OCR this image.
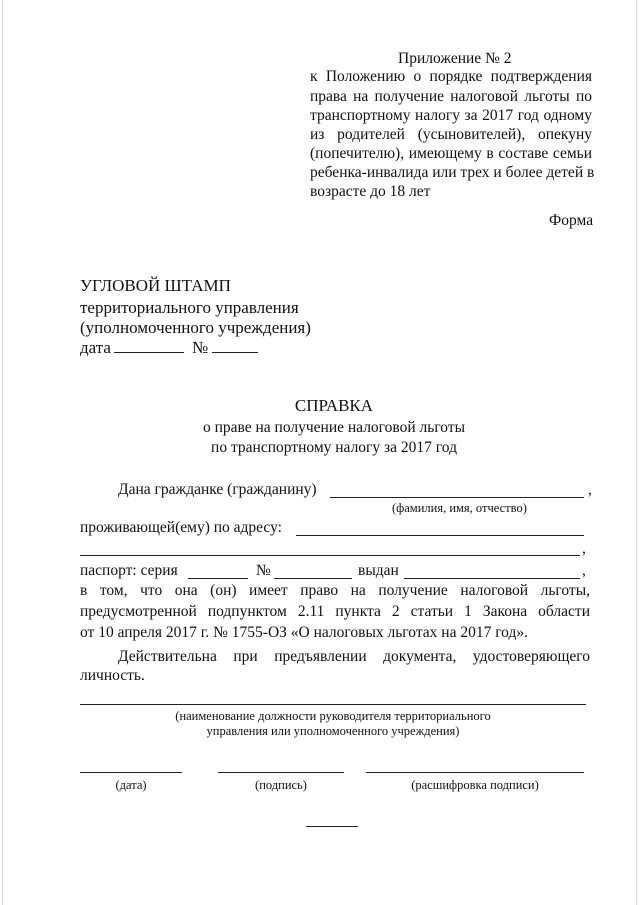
Приложение № 2
к Положению о порядке подтверждения
права на получение налоговой льготы по
транспортному налогу за 2017 год одному
из родителей (усыновителей), опекуну
(попечителю), имеющему в составе семьи
ребенка-инвалида или трех и более детей в
возрасте до 18 лет
Форма
УГЛОВОЙ ШТАМП
территориального управления
(уполномоченного учреждения)
дата	№
СПРАВКА
о праве на получение налоговой льготы
по транспортному налогу за 2017 год
Дана гражданке (гражданину)	,
(фамилия, имя, отчество)
проживающей(ему) по адресу:
,
паспорт: серия	№	выдан	,
в том, что она (он) имеет право на получение налоговой льготы,
предусмотренной подпунктом 2.11 пункта 2 статьи 1 Закона области
от 10 апреля 2017 г. № 1755-ОЗ «О налоговых льготах на 2017 год».
Действительна при предъявлении документа, удостоверяющего
личность.
(наименование должности руководителя территориального
управления или уполномоченного учреждения)
(дата)	(подпись)	(расшифровка подписи)
